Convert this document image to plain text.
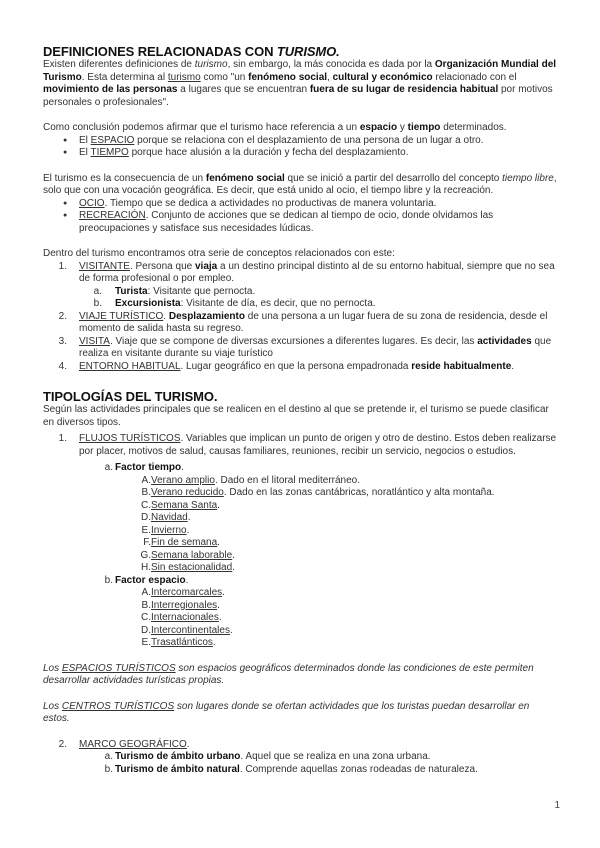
DEFINICIONES RELACIONADAS CON TURISMO.

Existen diferentes definiciones de turismo, sin embargo, la más conocida es dada por la Organización Mundial del Turismo. Esta determina al turismo como "un fenómeno social, cultural y económico relacionado con el movimiento de las personas a lugares que se encuentran fuera de su lugar de residencia habitual por motivos personales o profesionales".

Como conclusión podemos afirmar que el turismo hace referencia a un espacio y tiempo determinados.

● El ESPACIO porque se relaciona con el desplazamiento de una persona de un lugar a otro.
● El TIEMPO porque hace alusión a la duración y fecha del desplazamiento.

El turismo es la consecuencia de un fenómeno social que se inició a partir del desarrollo del concepto tiempo libre, solo que con una vocación geográfica. Es decir, que está unido al ocio, el tiempo libre y la recreación.

● OCIO. Tiempo que se dedica a actividades no productivas de manera voluntaria.
● RECREACIÓN. Conjunto de acciones que se dedican al tiempo de ocio, donde olvidamos las preocupaciones y satisface sus necesidades lúdicas.

Dentro del turismo encontramos otra serie de conceptos relacionados con este:

1.	VISITANTE. Persona que viaja a un destino principal distinto al de su entorno habitual, siempre que no sea de forma profesional o por empleo.
a.	Turista: Visitante que pernocta.
b.	Excursionista: Visitante de día, es decir, que no pernocta.
2.	VIAJE TURÍSTICO. Desplazamiento de una persona a un lugar fuera de su zona de residencia, desde el momento de salida hasta su regreso.
3.	VISITA. Viaje que se compone de diversas excursiones a diferentes lugares. Es decir, las actividades que realiza en visitante durante su viaje turístico
4.	ENTORNO HABITUAL. Lugar geográfico en que la persona empadronada reside habitualmente.
TIPOLOGÍAS DEL TURISMO.

Según las actividades principales que se realicen en el destino al que se pretende ir, el turismo se puede clasificar en diversos tipos.

1.	FLUJOS TURÍSTICOS. Variables que implican un punto de origen y otro de destino. Estos deben realizarse por placer, motivos de salud, causas familiares, reuniones, recibir un servicio, negocios o estudios.
a. Factor tiempo.
A. Verano amplio. Dado en el litoral mediterráneo.
B. Verano reducido. Dado en las zonas cantábricas, noratlántico y alta montaña.
C. Semana Santa.
D. Navidad.
E. Invierno.
F. Fin de semana.
G. Semana laborable.
H. Sin estacionalidad.
b. Factor espacio.
A. Intercomarcales.
B. Interregionales.
C. Internacionales.
D. Intercontinentales.
E. Trasatlánticos.

Los ESPACIOS TURÍSTICOS son espacios geográficos determinados donde las condiciones de este permiten desarrollar actividades turísticas propias.

Los CENTROS TURÍSTICOS son lugares donde se ofertan actividades que los turistas puedan desarrollar en estos.

2.	MARCO GEOGRÁFICO.
a. Turismo de ámbito urbano. Aquel que se realiza en una zona urbana.
b. Turismo de ámbito natural. Comprende aquellas zonas rodeadas de naturaleza.
1
